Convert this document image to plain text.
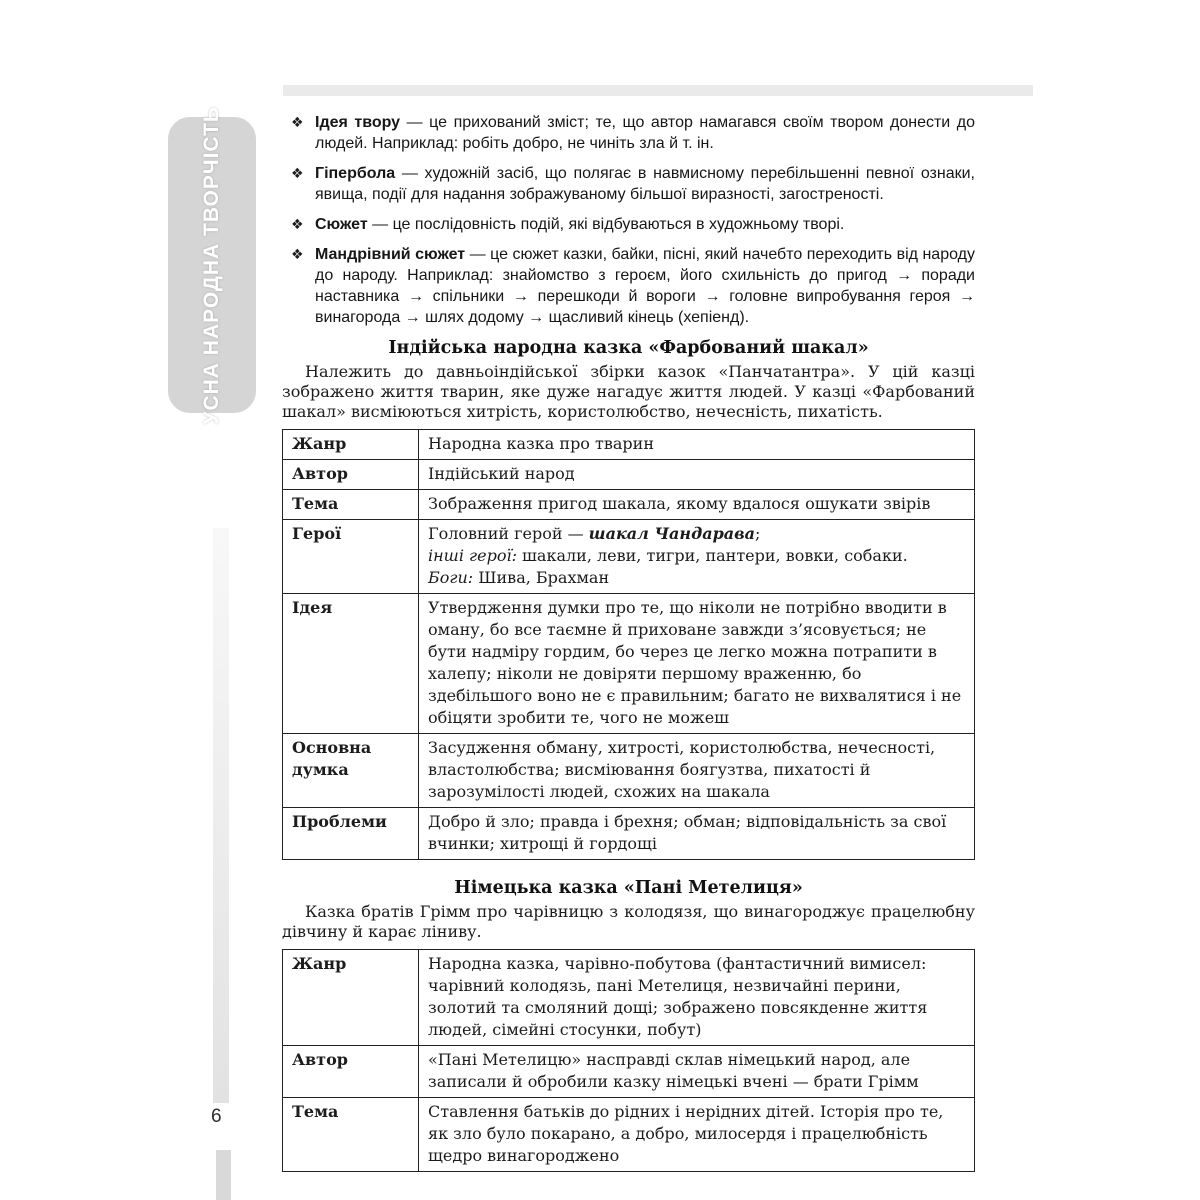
УСНА НАРОДНА ТВОРЧІСТЬ
6
❖ Ідея твору — це прихований зміст; те, що автор намагався своїм твором донести до людей. Наприклад: робіть добро, не чиніть зла й т. ін.
❖ Гіпербола — художній засіб, що полягає в навмисному перебільшенні певної ознаки, явища, події для надання зображуваному більшої виразності, загостреності.
❖ Сюжет — це послідовність подій, які відбуваються в художньому творі.
❖ Мандрівний сюжет — це сюжет казки, байки, пісні, який начебто переходить від народу до народу. Наприклад: знайомство з героєм, його схильність до пригод → поради наставника → спільники → перешкоди й вороги → головне випробування героя → винагорода → шлях додому → щасливий кінець (хепіенд).
Індійська народна казка «Фарбований шакал»

Належить до давньоіндійської збірки казок «Панчатантра». У цій казці зображено життя тварин, яке дуже нагадує життя людей. У казці «Фарбований шакал» висміюються хитрість, користолюбство, нечесність, пихатість.

Жанр	Народна казка про тварин
Автор	Індійський народ
Тема	Зображення пригод шакала, якому вдалося ошукати звірів
Герої	Головний герой — шакал Чандарава;
інші герої: шакали, леви, тигри, пантери, вовки, собаки.
Боги: Шива, Брахман
Ідея	Утвердження думки про те, що ніколи не потрібно вводити в оману, бо все таємне й приховане завжди з’ясовується; не бути надміру гордим, бо через це легко можна потрапити в халепу; ніколи не довіряти першому враженню, бо здебільшого воно не є правильним; багато не вихвалятися і не обіцяти зробити те, чого не можеш
Основна думка	Засудження обману, хитрості, користолюбства, нечесності, властолюбства; висміювання боягузтва, пихатості й зарозумілості людей, схожих на шакала
Проблеми	Добро й зло; правда і брехня; обман; відповідальність за свої вчинки; хитрощі й гордощі
Німецька казка «Пані Метелиця»

Казка братів Грімм про чарівницю з колодязя, що винагороджує працелюбну дівчину й карає ліниву.

Жанр	Народна казка, чарівно-побутова (фантастичний вимисел: чарівний колодязь, пані Метелиця, незвичайні перини, золотий та смоляний дощі; зображено повсякденне життя людей, сімейні стосунки, побут)
Автор	«Пані Метелицю» насправді склав німецький народ, але записали й обробили казку німецькі вчені — брати Грімм
Тема	Ставлення батьків до рідних і нерідних дітей. Історія про те, як зло було покарано, а добро, милосердя і працелюбність щедро винагороджено
